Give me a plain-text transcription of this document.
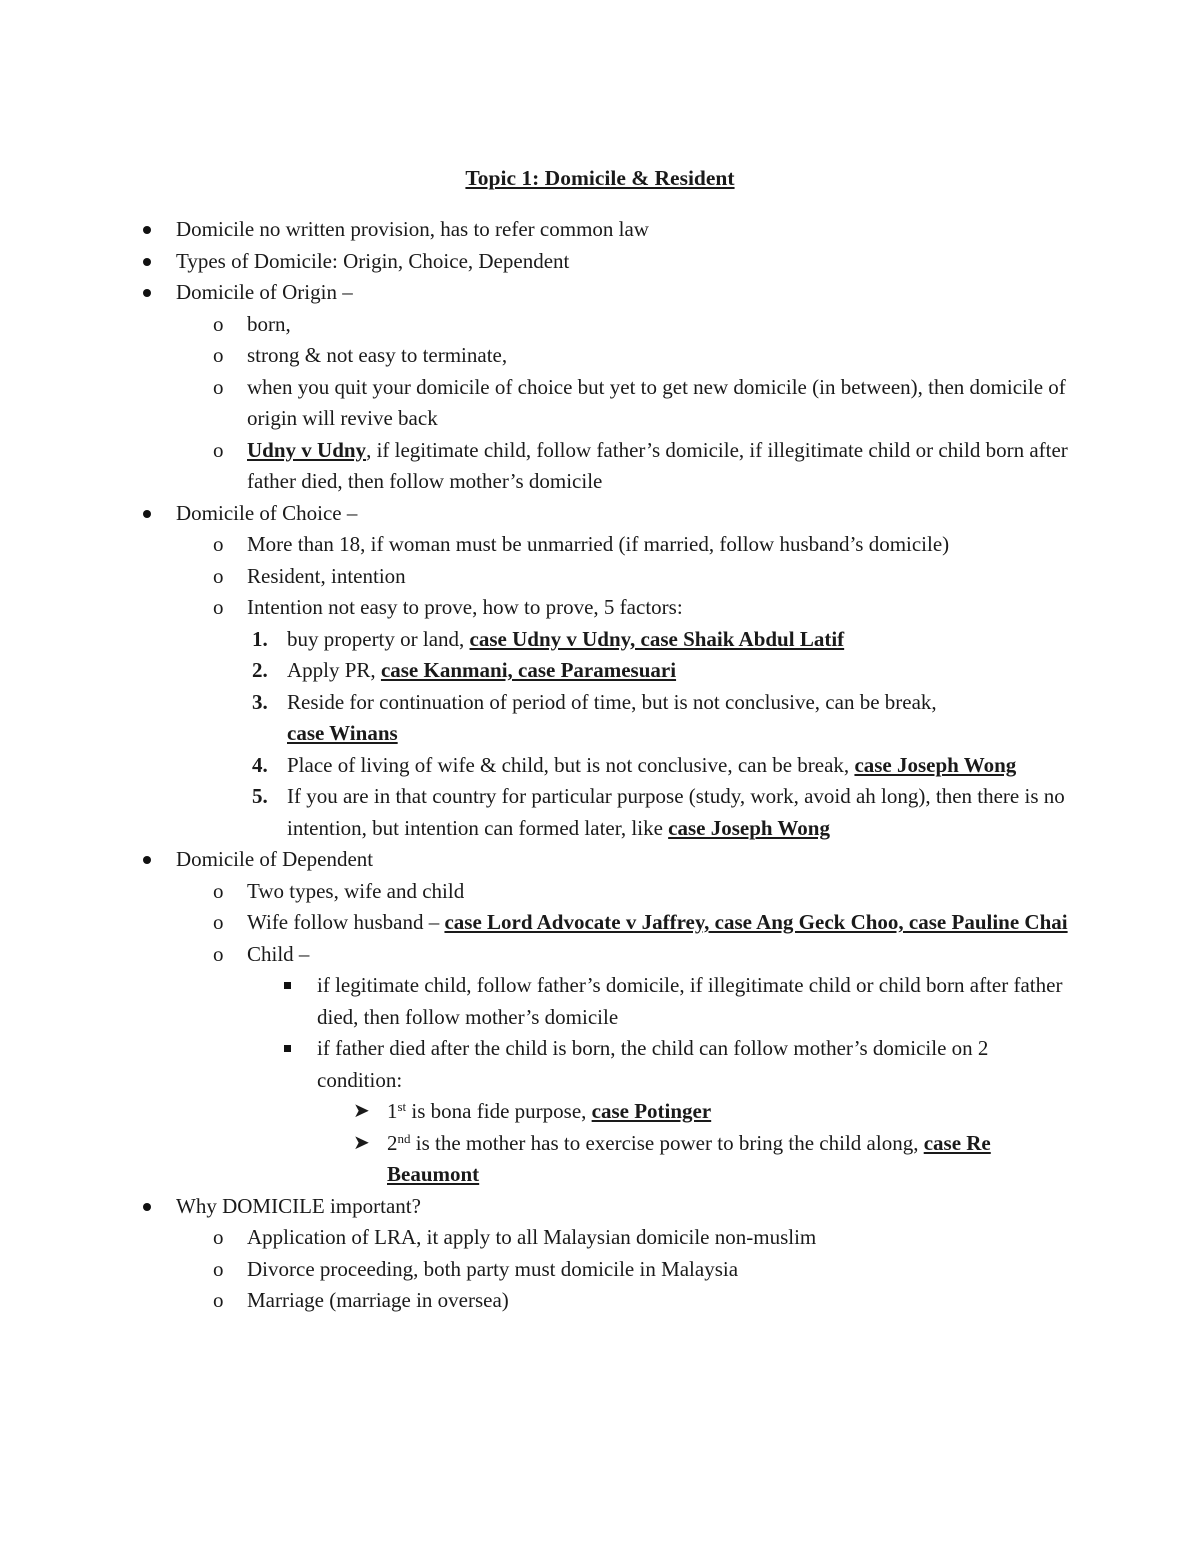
Topic 1: Domicile & Resident
Domicile no written provision, has to refer common law
Types of Domicile: Origin, Choice, Dependent
Domicile of Origin –
o born,
o strong & not easy to terminate,
o when you quit your domicile of choice but yet to get new domicile (in between), then domicile of origin will revive back
o Udny v Udny, if legitimate child, follow father’s domicile, if illegitimate child or child born after father died, then follow mother’s domicile
Domicile of Choice –
o More than 18, if woman must be unmarried (if married, follow husband’s domicile)
o Resident, intention
o Intention not easy to prove, how to prove, 5 factors:
1. buy property or land, case Udny v Udny, case Shaik Abdul Latif
2. Apply PR, case Kanmani, case Paramesuari
3. Reside for continuation of period of time, but is not conclusive, can be break,
case Winans
4. Place of living of wife & child, but is not conclusive, can be break, case Joseph Wong
5. If you are in that country for particular purpose (study, work, avoid ah long), then there is no intention, but intention can formed later, like case Joseph Wong
Domicile of Dependent
o Two types, wife and child
o Wife follow husband – case Lord Advocate v Jaffrey, case Ang Geck Choo, case Pauline Chai
o Child –
if legitimate child, follow father’s domicile, if illegitimate child or child born after father died, then follow mother’s domicile
if father died after the child is born, the child can follow mother’s domicile on 2 condition:
➤ 1st is bona fide purpose, case Potinger
➤ 2nd is the mother has to exercise power to bring the child along, case Re Beaumont
Why DOMICILE important?
o Application of LRA, it apply to all Malaysian domicile non-muslim
o Divorce proceeding, both party must domicile in Malaysia
o Marriage (marriage in oversea)
